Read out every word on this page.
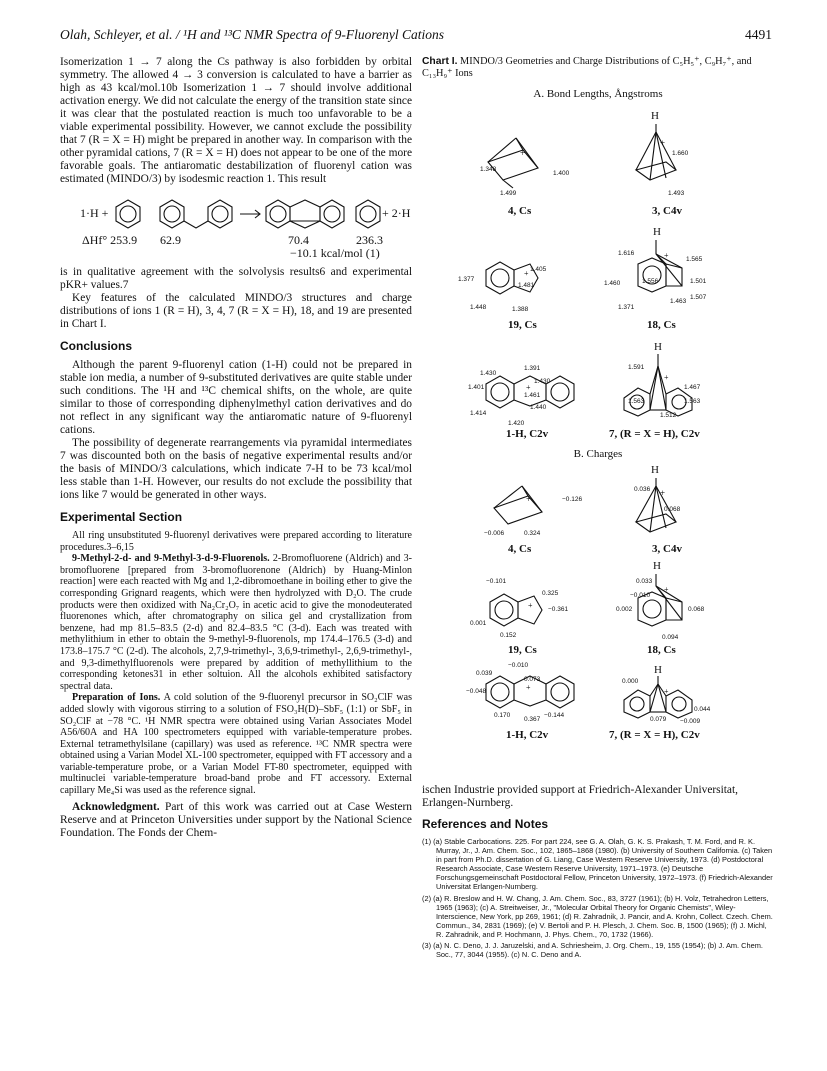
Olah, Schleyer, et al. / ¹H and ¹³C NMR Spectra of 9-Fluorenyl Cations	4491

Isomerization 1 → 7 along the Cs pathway is also forbidden by orbital symmetry. The allowed 4 → 3 conversion is calculated to have a barrier as high as 43 kcal/mol.10b Isomerization 1 → 7 should involve additional activation energy. We did not calculate the energy of the transition state since it was clear that the postulated reaction is much too unfavorable to be a viable experimental possibility. However, we cannot exclude the possibility that 7 (R = X = H) might be prepared in another way. In comparison with the other pyramidal cations, 7 (R = X = H) does not appear to be one of the more favorable goals. The antiaromatic destabilization of fluorenyl cation was estimated (MINDO/3) by isodesmic reaction 1. This result

1·H +	+ 2·H
ΔHf° 253.9 62.9	70.4	236.3
−10.1 kcal/mol (1)

is in qualitative agreement with the solvolysis results6 and experimental pKR+ values.7

Key features of the calculated MINDO/3 structures and charge distributions of ions 1 (R = H), 3, 4, 7 (R = X = H), 18, and 19 are presented in Chart I.

Conclusions

Although the parent 9-fluorenyl cation (1-H) could not be prepared in stable ion media, a number of 9-substituted derivatives are quite stable under such conditions. The ¹H and ¹³C chemical shifts, on the whole, are quite similar to those of corresponding diphenylmethyl cation derivatives and do not reflect in any significant way the antiaromatic nature of 9-fluorenyl cations.

The possibility of degenerate rearrangements via pyramidal intermediates 7 was discounted both on the basis of negative experimental results and/or the basis of MINDO/3 calculations, which indicate 7-H to be 73 kcal/mol less stable than 1-H. However, our results do not exclude the possibility that ions like 7 would be generated in other ways.

Experimental Section

All ring unsubstituted 9-fluorenyl derivatives were prepared according to literature procedures.3–6,15

9-Methyl-2-d- and 9-Methyl-3-d-9-Fluorenols. 2-Bromofluorene (Aldrich) and 3-bromofluorene [prepared from 3-bromofluorenone (Aldrich) by Huang-Minlon reaction] were each reacted with Mg and 1,2-dibromoethane in boiling ether to give the corresponding Grignard reagents, which were then hydrolyzed with D₂O. The crude products were then oxidized with Na₂Cr₂O₇ in acetic acid to give the monodeuterated fluorenones which, after chromatography on silica gel and crystallization from benzene, had mp 81.5–83.5 (2-d) and 82.4–83.5 °C (3-d). Each was treated with methylithium in ether to obtain the 9-methyl-9-fluorenols, mp 174.4–176.5 (3-d) and 173.8–175.7 °C (2-d). The alcohols, 2,7,9-trimethyl-, 3,6,9-trimethyl-, 2,6,9-trimethyl-, and 9,3-dimethylfluorenols were prepared by addition of methyllithium to the corresponding ketones31 in ether soltuion. All the alcohols exhibited satisfactory spectral data.

Preparation of Ions. A cold solution of the 9-fluorenyl precursor in SO₂ClF was added slowly with vigorous stirring to a solution of FSO₃H(D)–SbF₅ (1:1) or SbF₅ in SO₂ClF at −78 °C. ¹H NMR spectra were obtained using Varian Associates Model A56/60A and HA 100 spectrometers equipped with variable-temperature probes. External tetramethylsilane (capillary) was used as reference. ¹³C NMR spectra were obtained using a Varian Model XL-100 spectrometer, equipped with FT accessory and a variable-temperature probe, or a Varian Model FT-80 spectrometer, equipped with multinuclei variable-temperature broad-band probe and FT accessory. External capillary Me₄Si was used as the reference signal.

Acknowledgment. Part of this work was carried out at Case Western Reserve and at Princeton Universities under support by the National Science Foundation. The Fonds der Chem-

Chart I. MINDO/3 Geometries and Charge Distributions of C₅H₅⁺, C₉H₇⁺, and C₁₃H₉⁺ Ions
A. Bond Lengths, Ångstroms
+
1.348
1.400
1.499
4, Cs
H
+
1.660
1.493
3, C4v
+ 1.405
1.377
1.481
1.448	1.388
19, Cs
H
+
1.616
1.565
1.460	1.556	1.501
1.507
1.463
1.371
18, Cs
+
1.430
1.391
1.430
1.401
1.461
1.440
1.414
1.420
1-H, C2v
H
+
1.591
1.467
1.563	1.563
1.512
7, (R = X = H), C2v
B. Charges
+	−0.126
−0.006	0.324
4, Cs
H
+
0.036
0.068
3, C4v
+
−0.101
0.325
−0.361
0.001
0.152
19, Cs
H
+
0.033
−0.010
0.002	0.068
0.094
18, Cs
+
−0.010
0.039
0.073
−0.048
0.170
0.367
−0.144
1-H, C2v
H
+
0.000
0.044
0.079 −0.009
7, (R = X = H), C2v
ischen Industrie provided support at Friedrich-Alexander Universitat, Erlangen-Nurnberg.
References and Notes
(1) (a) Stable Carbocations. 225. For part 224, see G. A. Olah, G. K. S. Prakash, T. M. Ford, and R. K. Murray, Jr., J. Am. Chem. Soc., 102, 1865–1868 (1980). (b) University of Southern California. (c) Taken in part from Ph.D. dissertation of G. Liang, Case Western Reserve University, 1973. (d) Postdoctoral Research Associate, Case Western Reserve University, 1971–1973. (e) Deutsche Forschungsgemeinschaft Postdoctoral Fellow, Princeton University, 1972–1973. (f) Friedrich-Alexander Universitat Erlangen-Nurnberg.
(2) (a) R. Breslow and H. W. Chang, J. Am. Chem. Soc., 83, 3727 (1961); (b) H. Volz, Tetrahedron Letters, 1965 (1963); (c) A. Streitweiser, Jr., "Molecular Orbital Theory for Organic Chemists", Wiley-Interscience, New York, pp 269, 1961; (d) R. Zahradnik, J. Pancir, and A. Krohn, Collect. Czech. Chem. Commun., 34, 2831 (1969); (e) V. Bertoli and P. H. Plesch, J. Chem. Soc. B, 1500 (1965); (f) J. Michl, R. Zahradnik, and P. Hochmann, J. Phys. Chem., 70, 1732 (1966).
(3) (a) N. C. Deno, J. J. Jaruzelski, and A. Schriesheim, J. Org. Chem., 19, 155 (1954); (b) J. Am. Chem. Soc., 77, 3044 (1955). (c) N. C. Deno and A.
